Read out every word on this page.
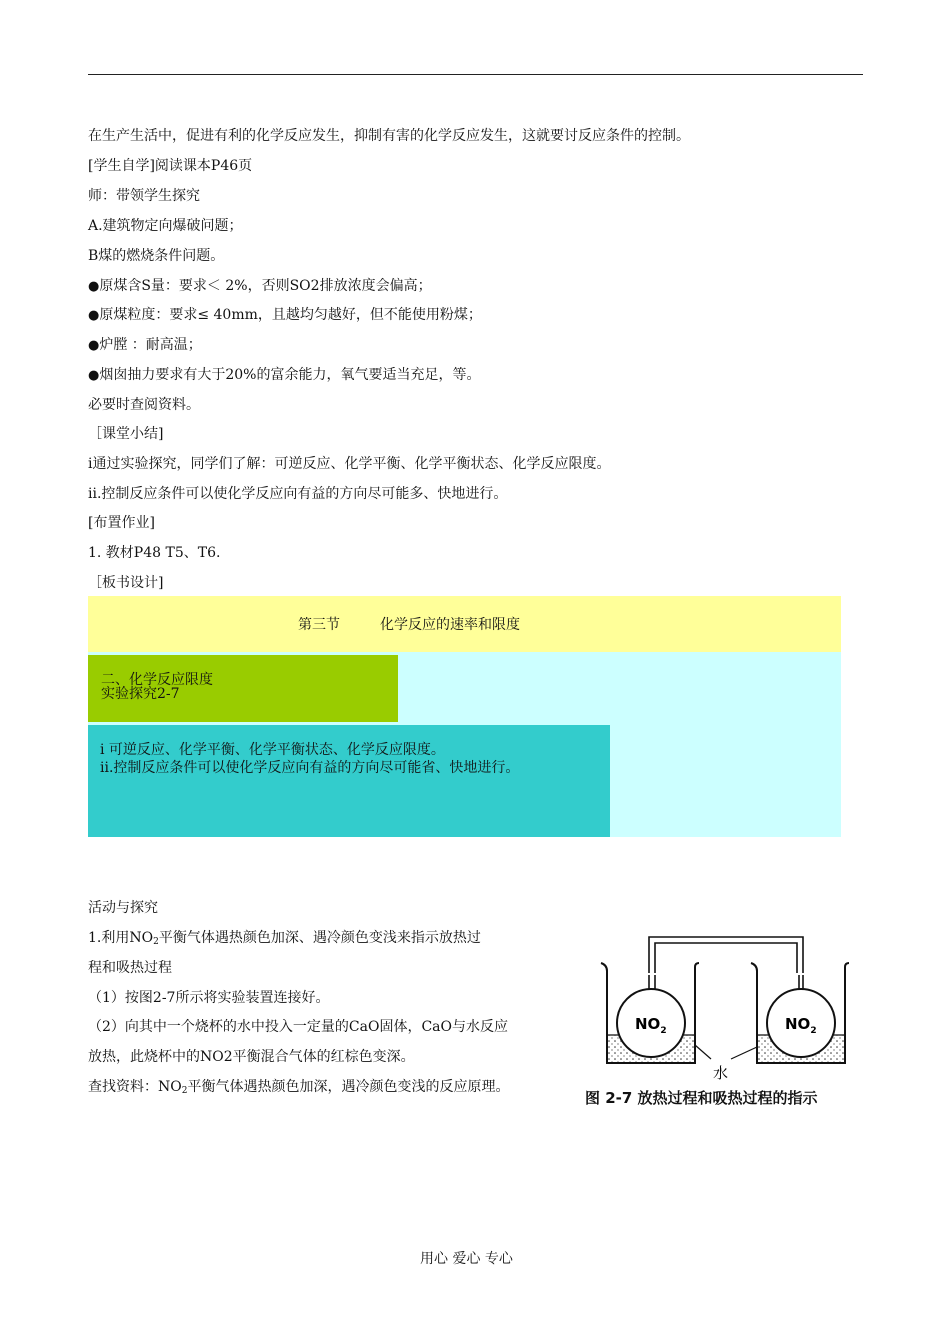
在生产生活中，促进有利的化学反应发生，抑制有害的化学反应发生，这就要讨反应条件的控制。
[学生自学]阅读课本P46页
师：带领学生探究
A.建筑物定向爆破问题；
B煤的燃烧条件问题。
●原煤含S量：要求＜ 2%，否则SO2排放浓度会偏高；
●原煤粒度：要求≤ 40mm，且越均匀越好，但不能使用粉煤；
●炉膛 ：耐高温；
●烟囱抽力要求有大于20%的富余能力，氧气要适当充足，等。
必要时查阅资料。
［课堂小结]
i通过实验探究，同学们了解：可逆反应、化学平衡、化学平衡状态、化学反应限度。
ii.控制反应条件可以使化学反应向有益的方向尽可能多、快地进行。
[布置作业]
1. 教材P48 T5、T6.
［板书设计]
第三节	化学反应的速率和限度
二、化学反应限度
实验探究2-7
i 可逆反应、化学平衡、化学平衡状态、化学反应限度。
ii.控制反应条件可以使化学反应向有益的方向尽可能省、快地进行。
活动与探究
1.利用$NO_2$平衡气体遇热颜色加深、遇冷颜色变浅来指示放热过
程和吸热过程
（1）按图2-7所示将实验装置连接好。
（2）向其中一个烧杯的水中投入一定量的CaO固体，CaO与水反应
放热，此烧杯中的NO2平衡混合气体的红棕色变深。
查找资料：$NO_2$平衡气体遇热颜色加深，遇冷颜色变浅的反应原理。
$NO_2$	$NO_2$
水
图 2-7 放热过程和吸热过程的指示
用心 爱心 专心
